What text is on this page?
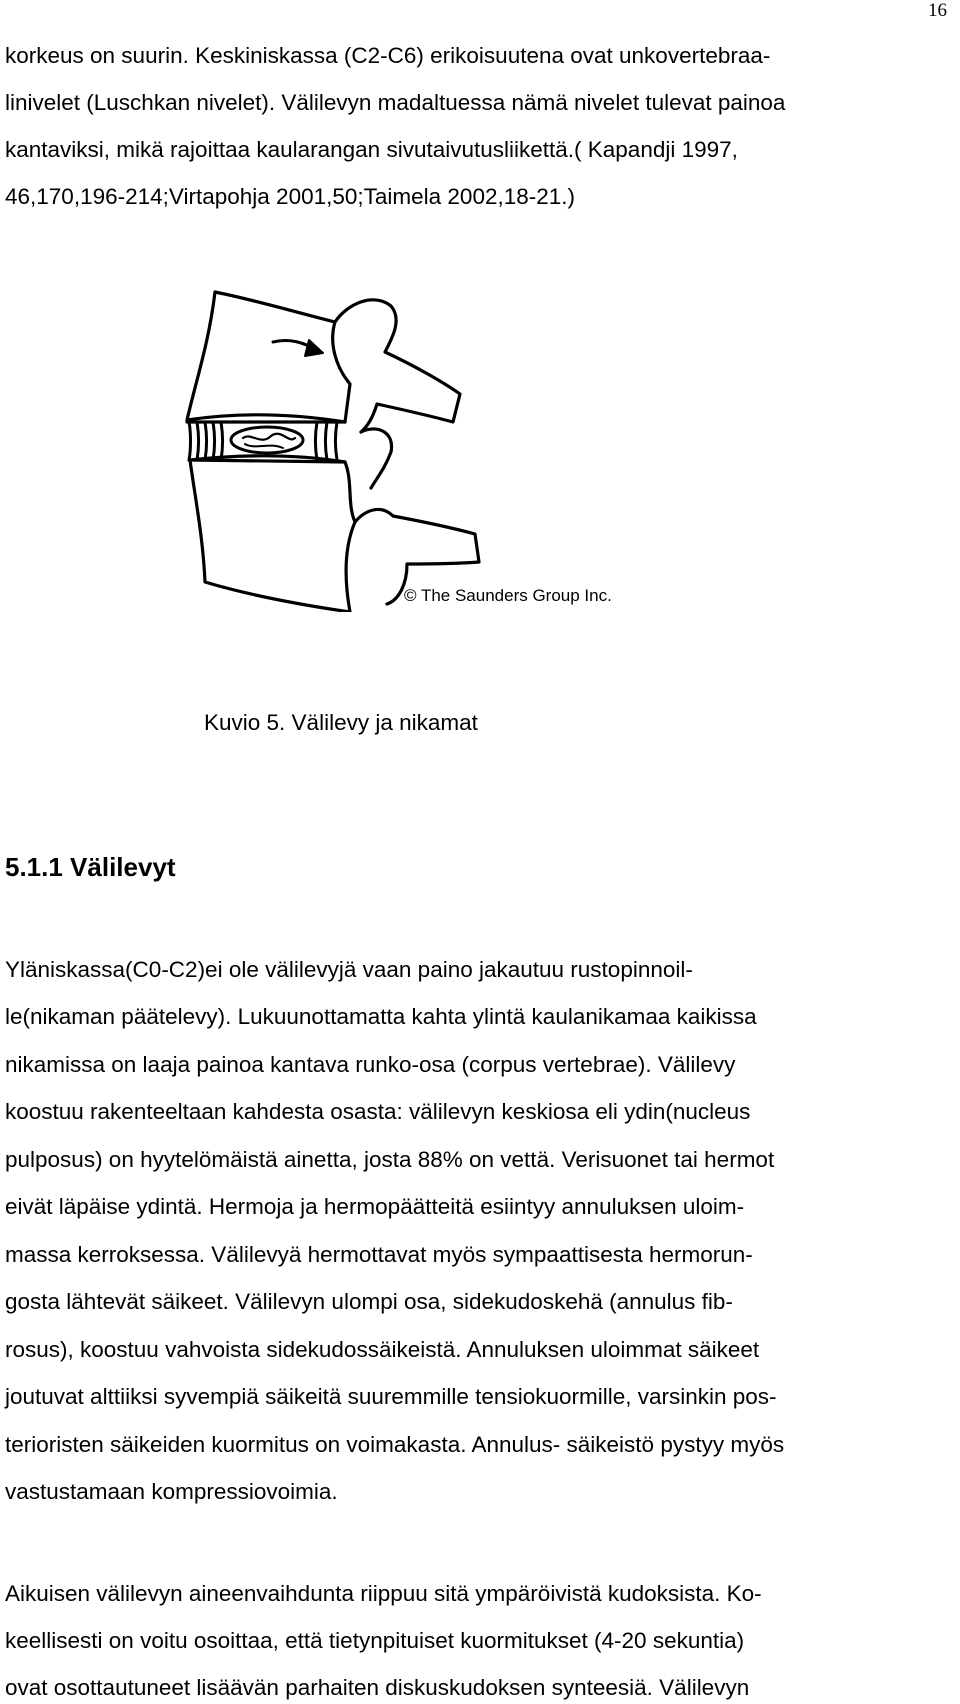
16
korkeus on suurin. Keskiniskassa (C2-C6) erikoisuutena ovat unkovertebraa-
linivelet (Luschkan nivelet). Välilevyn madaltuessa nämä nivelet tulevat painoa
kantaviksi, mikä rajoittaa kaularangan sivutaivutusliikettä.( Kapandji 1997,
46,170,196-214;Virtapohja 2001,50;Taimela 2002,18-21.)
© The Saunders Group Inc.
Kuvio 5. Välilevy ja nikamat
5.1.1 Välilevyt
Yläniskassa(C0-C2)ei ole välilevyjä vaan paino jakautuu rustopinnoil-
le(nikaman päätelevy). Lukuunottamatta kahta ylintä kaulanikamaa kaikissa
nikamissa on laaja painoa kantava runko-osa (corpus vertebrae). Välilevy
koostuu rakenteeltaan kahdesta osasta: välilevyn keskiosa eli ydin(nucleus
pulposus) on hyytelömäistä ainetta, josta 88% on vettä. Verisuonet tai hermot
eivät läpäise ydintä. Hermoja ja hermopäätteitä esiintyy annuluksen uloim-
massa kerroksessa. Välilevyä hermottavat myös sympaattisesta hermorun-
gosta lähtevät säikeet. Välilevyn ulompi osa, sidekudoskehä (annulus fib-
rosus), koostuu vahvoista sidekudossäikeistä. Annuluksen uloimmat säikeet
joutuvat alttiiksi syvempiä säikeitä suuremmille tensiokuormille, varsinkin pos-
terioristen säikeiden kuormitus on voimakasta. Annulus- säikeistö pystyy myös
vastustamaan kompressiovoimia.
Aikuisen välilevyn aineenvaihdunta riippuu sitä ympäröivistä kudoksista. Ko-
keellisesti on voitu osoittaa, että tietynpituiset kuormitukset (4-20 sekuntia)
ovat osottautuneet lisäävän parhaiten diskuskudoksen synteesiä. Välilevyn
